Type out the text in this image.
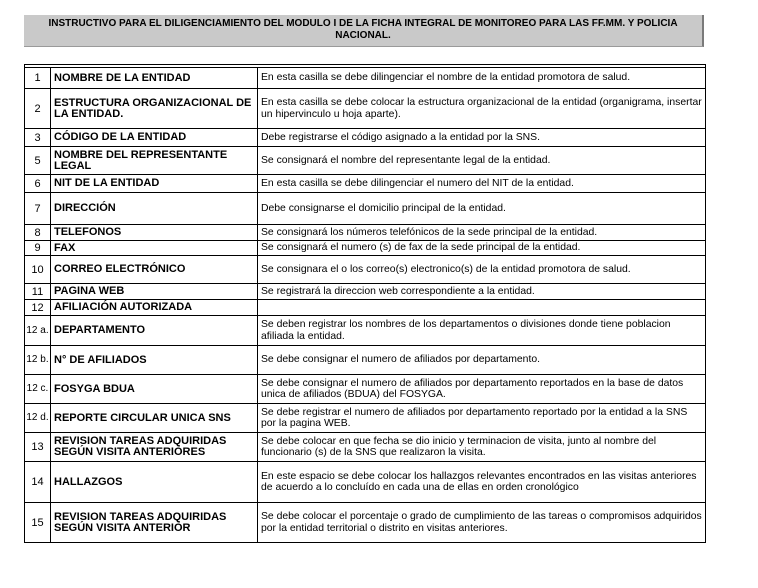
INSTRUCTIVO PARA EL DILIGENCIAMIENTO DEL MODULO I DE LA FICHA INTEGRAL DE MONITOREO PARA LAS FF.MM. Y POLICIA NACIONAL.

1	NOMBRE DE LA ENTIDAD	En esta casilla se debe dilingenciar el nombre de la entidad promotora de salud.
2	ESTRUCTURA ORGANIZACIONAL DE LA ENTIDAD.	En esta casilla se debe colocar la estructura organizacional de la entidad (organigrama, insertar un hipervinculo u hoja aparte).
3	CÓDIGO DE LA ENTIDAD	Debe registrarse el código asignado a la entidad por la SNS.
5	NOMBRE DEL REPRESENTANTE LEGAL	Se consignará el nombre del representante legal de la entidad.
6	NIT DE LA ENTIDAD	En esta casilla se debe dilingenciar el numero del NIT de la entidad.
7	DIRECCIÓN	Debe consignarse el domicilio principal de la entidad.
8	TELEFONOS	Se consignará los números telefónicos de la sede principal de la entidad.
9	FAX	Se consignará el numero (s) de fax de la sede principal de la entidad.
10	CORREO ELECTRÓNICO	Se consignara el o los correo(s) electronico(s) de la entidad promotora de salud.
11	PAGINA WEB	Se registrará la direccion web correspondiente a la entidad.
12	AFILIACIÓN AUTORIZADA	
12 a.	DEPARTAMENTO	Se deben registrar los nombres de los departamentos o divisiones donde tiene poblacion afiliada la entidad.
12 b.	N° DE AFILIADOS	Se debe consignar el numero de afiliados por departamento.
12 c.	FOSYGA BDUA	Se debe consignar el numero de afiliados por departamento reportados en la base de datos unica de afiliados (BDUA) del FOSYGA.
12 d.	REPORTE CIRCULAR UNICA SNS	Se debe registrar el numero de afiliados por departamento reportado por la entidad a la SNS por la pagina WEB.
13	REVISION TAREAS ADQUIRIDAS SEGÚN VISITA ANTERIORES	Se debe colocar en que fecha se dio inicio y terminacion de visita, junto al nombre del funcionario (s) de la SNS que realizaron la visita.
14	HALLAZGOS	En este espacio se debe colocar los hallazgos relevantes encontrados en las visitas anteriores de acuerdo a lo concluído en cada una de ellas en orden cronológico
15	REVISION TAREAS ADQUIRIDAS SEGÚN VISITA ANTERIOR	Se debe colocar el porcentaje o grado de cumplimiento de las tareas o compromisos adquiridos por la entidad territorial o distrito en visitas anteriores.
